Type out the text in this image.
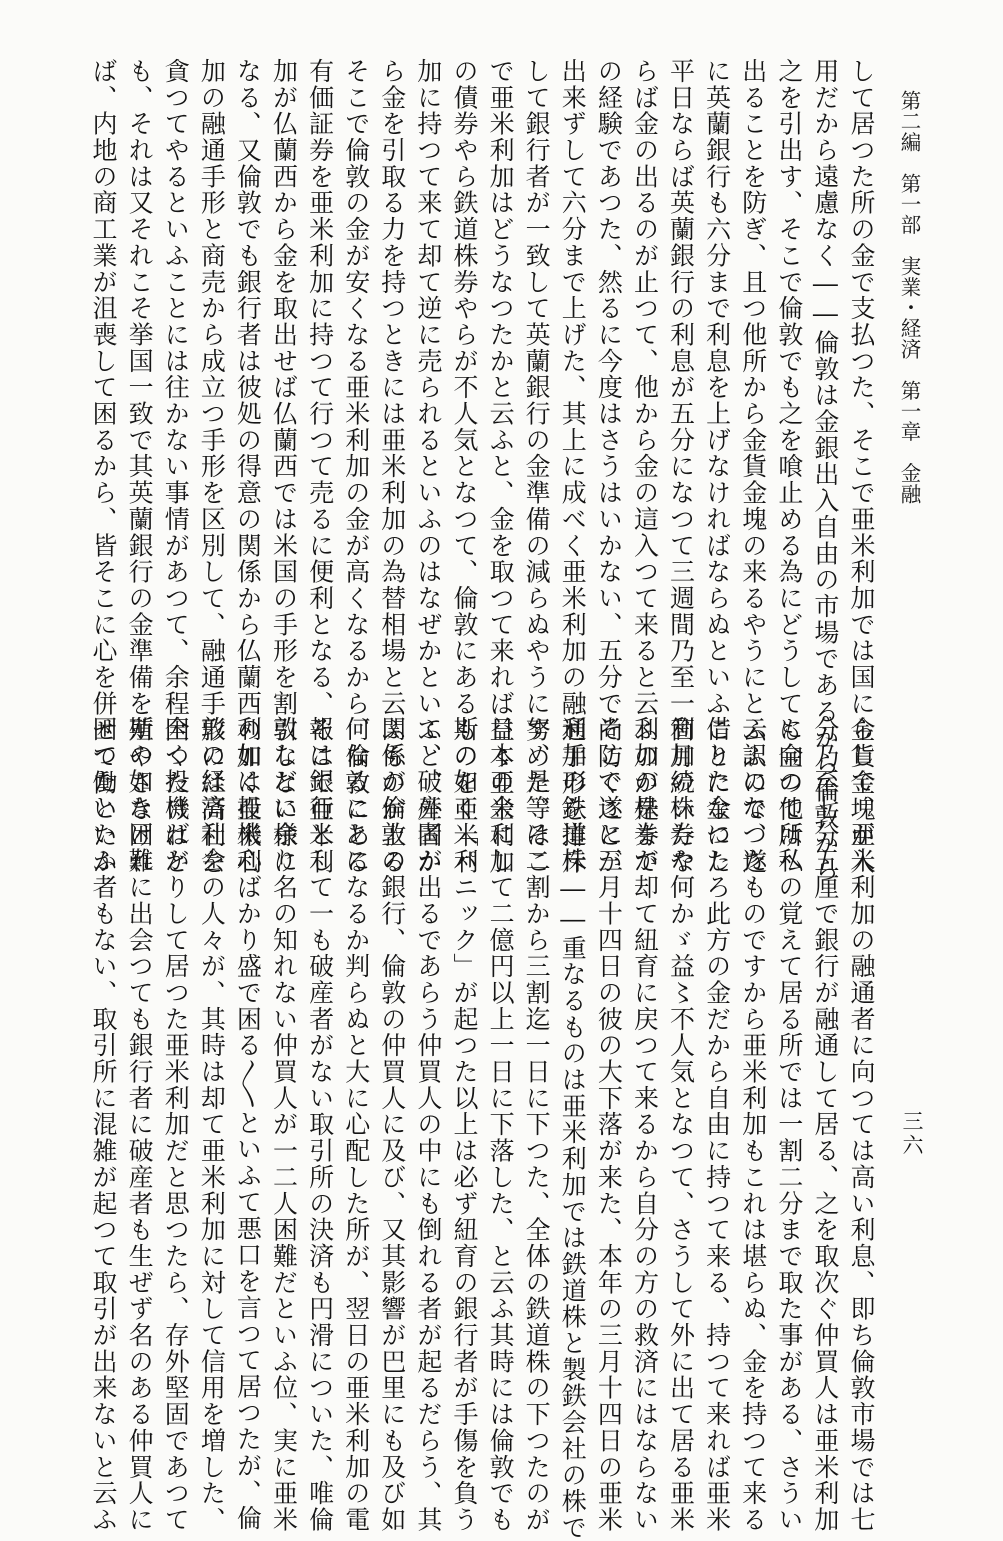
第二編　第一部　実業・経済　第一章　金融
三六
して居つた所の金で支払つた、そこで亜米利加では国に金貨金塊が入
用だから遠慮なく――倫敦は金銀出入自由の市場であるから倫敦から
之を引出す、そこで倫敦でも之を喰止める為にどうしても金の他所へ
出ることを防ぎ、且つ他所から金貨金塊の来るやうにと云ふので、遂
に英蘭銀行も六分まで利息を上げなければならぬといふことになつた
平日ならば英蘭銀行の利息が五分になつて三週間乃至一箇月続いたな
らば金の出るのが止つて、他から金の這入つて来ると云ふのが是まで
の経験であつた、然るに今度はさうはいかない、五分で尚防ぐことが
出来ずして六分まで上げた、其上に成べく亜米利加の融通手形を排斥
して銀行者が一致して英蘭銀行の金準備の減らぬやうに努めた、そこ
で亜米利加はどうなつたかと云ふと、金を取つて来れば益〻亜米利加
の債券やら鉄道株券やらが不人気となつて、倫敦にあるものを亜米利
加に持つて来て却て逆に売られるといふのはなぜかといふと、外国か
ら金を引取る力を持つときには亜米利加の為替相場と云ふものが上る
そこで倫敦の金が安くなる亜米利加の金が高くなるから、倫敦にある
有価証券を亜米利加に持つて行つて売るに便利となる、そこで亜米利
加が仏蘭西から金を取出せば仏蘭西では米国の手形を割引しない様に
なる、又倫敦でも銀行者は彼処の得意の関係から仏蘭西の如く亜米利
加の融通手形と商売から成立つ手形を区別して、融通手形には高利を
貪つてやるといふことには往かない事情があつて、余程困つたけれど
も、それは又それこそ挙国一致で其英蘭銀行の金準備を殖やさなけれ
ば、内地の商工業が沮喪して困るから、皆そこに心を併せて働いたか
らして、亜米利加の融通者に向つては高い利息、即ち倫敦市場では七
分乃至七分五厘で銀行が融通して居る、之を取次ぐ仲買人は亜米利加
に向つては私の覚えて居る所では一割二分まで取た事がある、さうい
ふ訳になつたものですから亜米利加もこれは堪らぬ、金を持つて来る
借りた金にしろ此方の金だから自由に持つて来る、持つて来れば亜米
利加の株券や何かゞ益〻不人気となつて、さうして外に出て居る亜米
利加の株券が却て紐育に戻つて来るから自分の方の救済にはならない
そこで遂に三月十四日の彼の大下落が来た、本年の三月十四日の亜米
利加の鉄道株――重なるものは亜米利加では鉄道株と製鉄会社の株で
す、是等は二割から三割迄一日に下つた、全体の鉄道株の下つたのが
日本の金にして二億円以上一日に下落した、と云ふ其時には倫敦でも
斯の如く「パニック」が起つた以上は必ず紐育の銀行者が手傷を負う
て、破産者が出るであらう仲買人の中にも倒れる者が起るだらう、其
関係が倫敦の銀行、倫敦の仲買人に及び、又其影響が巴里にも及び如
何なることになるか判らぬと大に心配した所が、翌日の亜米利加の電
報は銀行として一も破産者がない取引所の決済も円滑についた、唯倫
敦などに余り名の知れない仲買人が一二人困難だといふ位、実に亜米
利加は投機心ばかり盛で困る〳〵といふて悪口を言つて居つたが、倫
敦の経済社会の人々が、其時は却て亜米利加に対して信用を増した、
全く投機ばかりして居つた亜米利加だと思つたら、存外堅固であつて
斯の如き困難に出会つても銀行者に破産者も生ぜず名のある仲買人に
困つたといふ者もない、取引所に混雑が起つて取引が出来ないと云ふ
